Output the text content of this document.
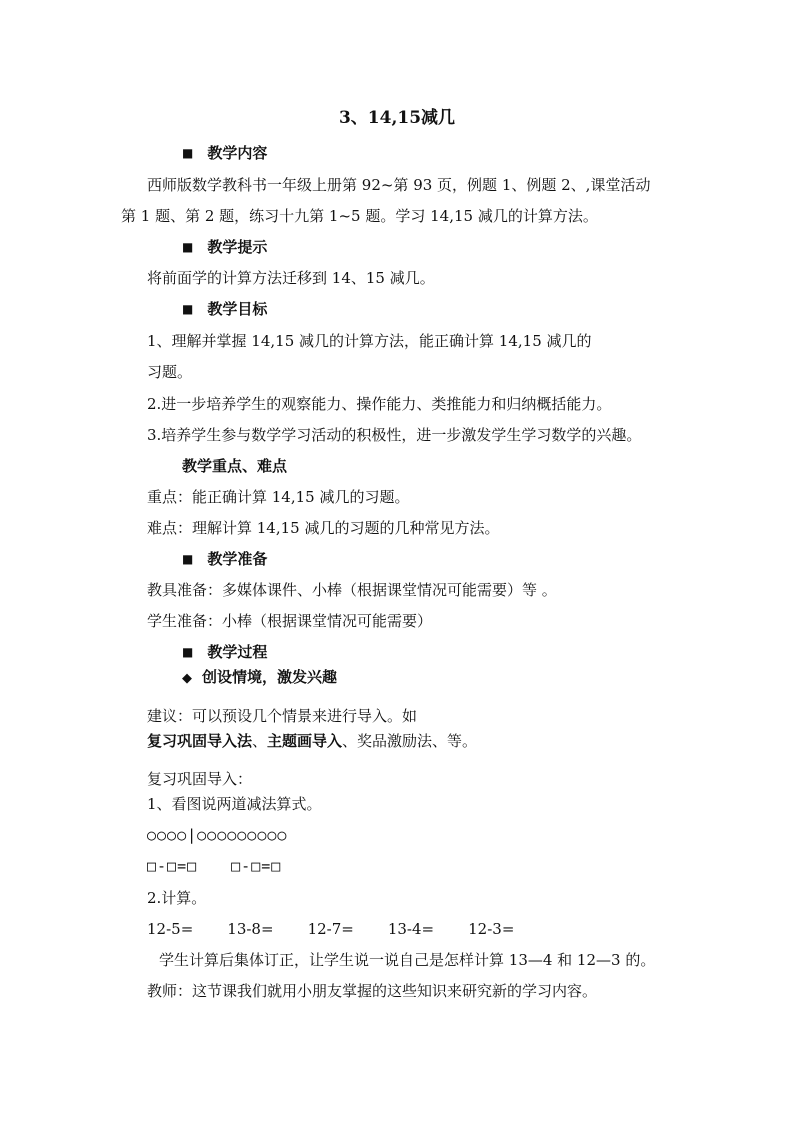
3、14,15减几
■ 教学内容
西师版数学教科书一年级上册第 92~第 93 页，例题 1、例题 2、,课堂活动
第 1 题、第 2 题，练习十九第 1~5 题。学习 14,15 减几的计算方法。
■ 教学提示
将前面学的计算方法迁移到 14、15 减几。
■ 教学目标
1、理解并掌握 14,15 减几的计算方法，能正确计算 14,15 减几的
习题。
2.进一步培养学生的观察能力、操作能力、类推能力和归纳概括能力。
3.培养学生参与数学学习活动的积极性，进一步激发学生学习数学的兴趣。
教学重点、难点
重点：能正确计算 14,15 减几的习题。
难点：理解计算 14,15 减几的习题的几种常见方法。
■ 教学准备
教具准备：多媒体课件、小棒（根据课堂情况可能需要）等 。
学生准备：小棒（根据课堂情况可能需要）
■ 教学过程
◆ 创设情境，激发兴趣
建议：可以预设几个情景来进行导入。如
复习巩固导入法、主题画导入、奖品激励法、等。
复习巩固导入：
1、看图说两道减法算式。
○○○○|○○○○○○○○○
□-□=□ □-□=□
2.计算。
12-5= 13-8= 12-7= 13-4= 12-3=
学生计算后集体订正，让学生说一说自己是怎样计算 13—4 和 12—3 的。
教师：这节课我们就用小朋友掌握的这些知识来研究新的学习内容。
